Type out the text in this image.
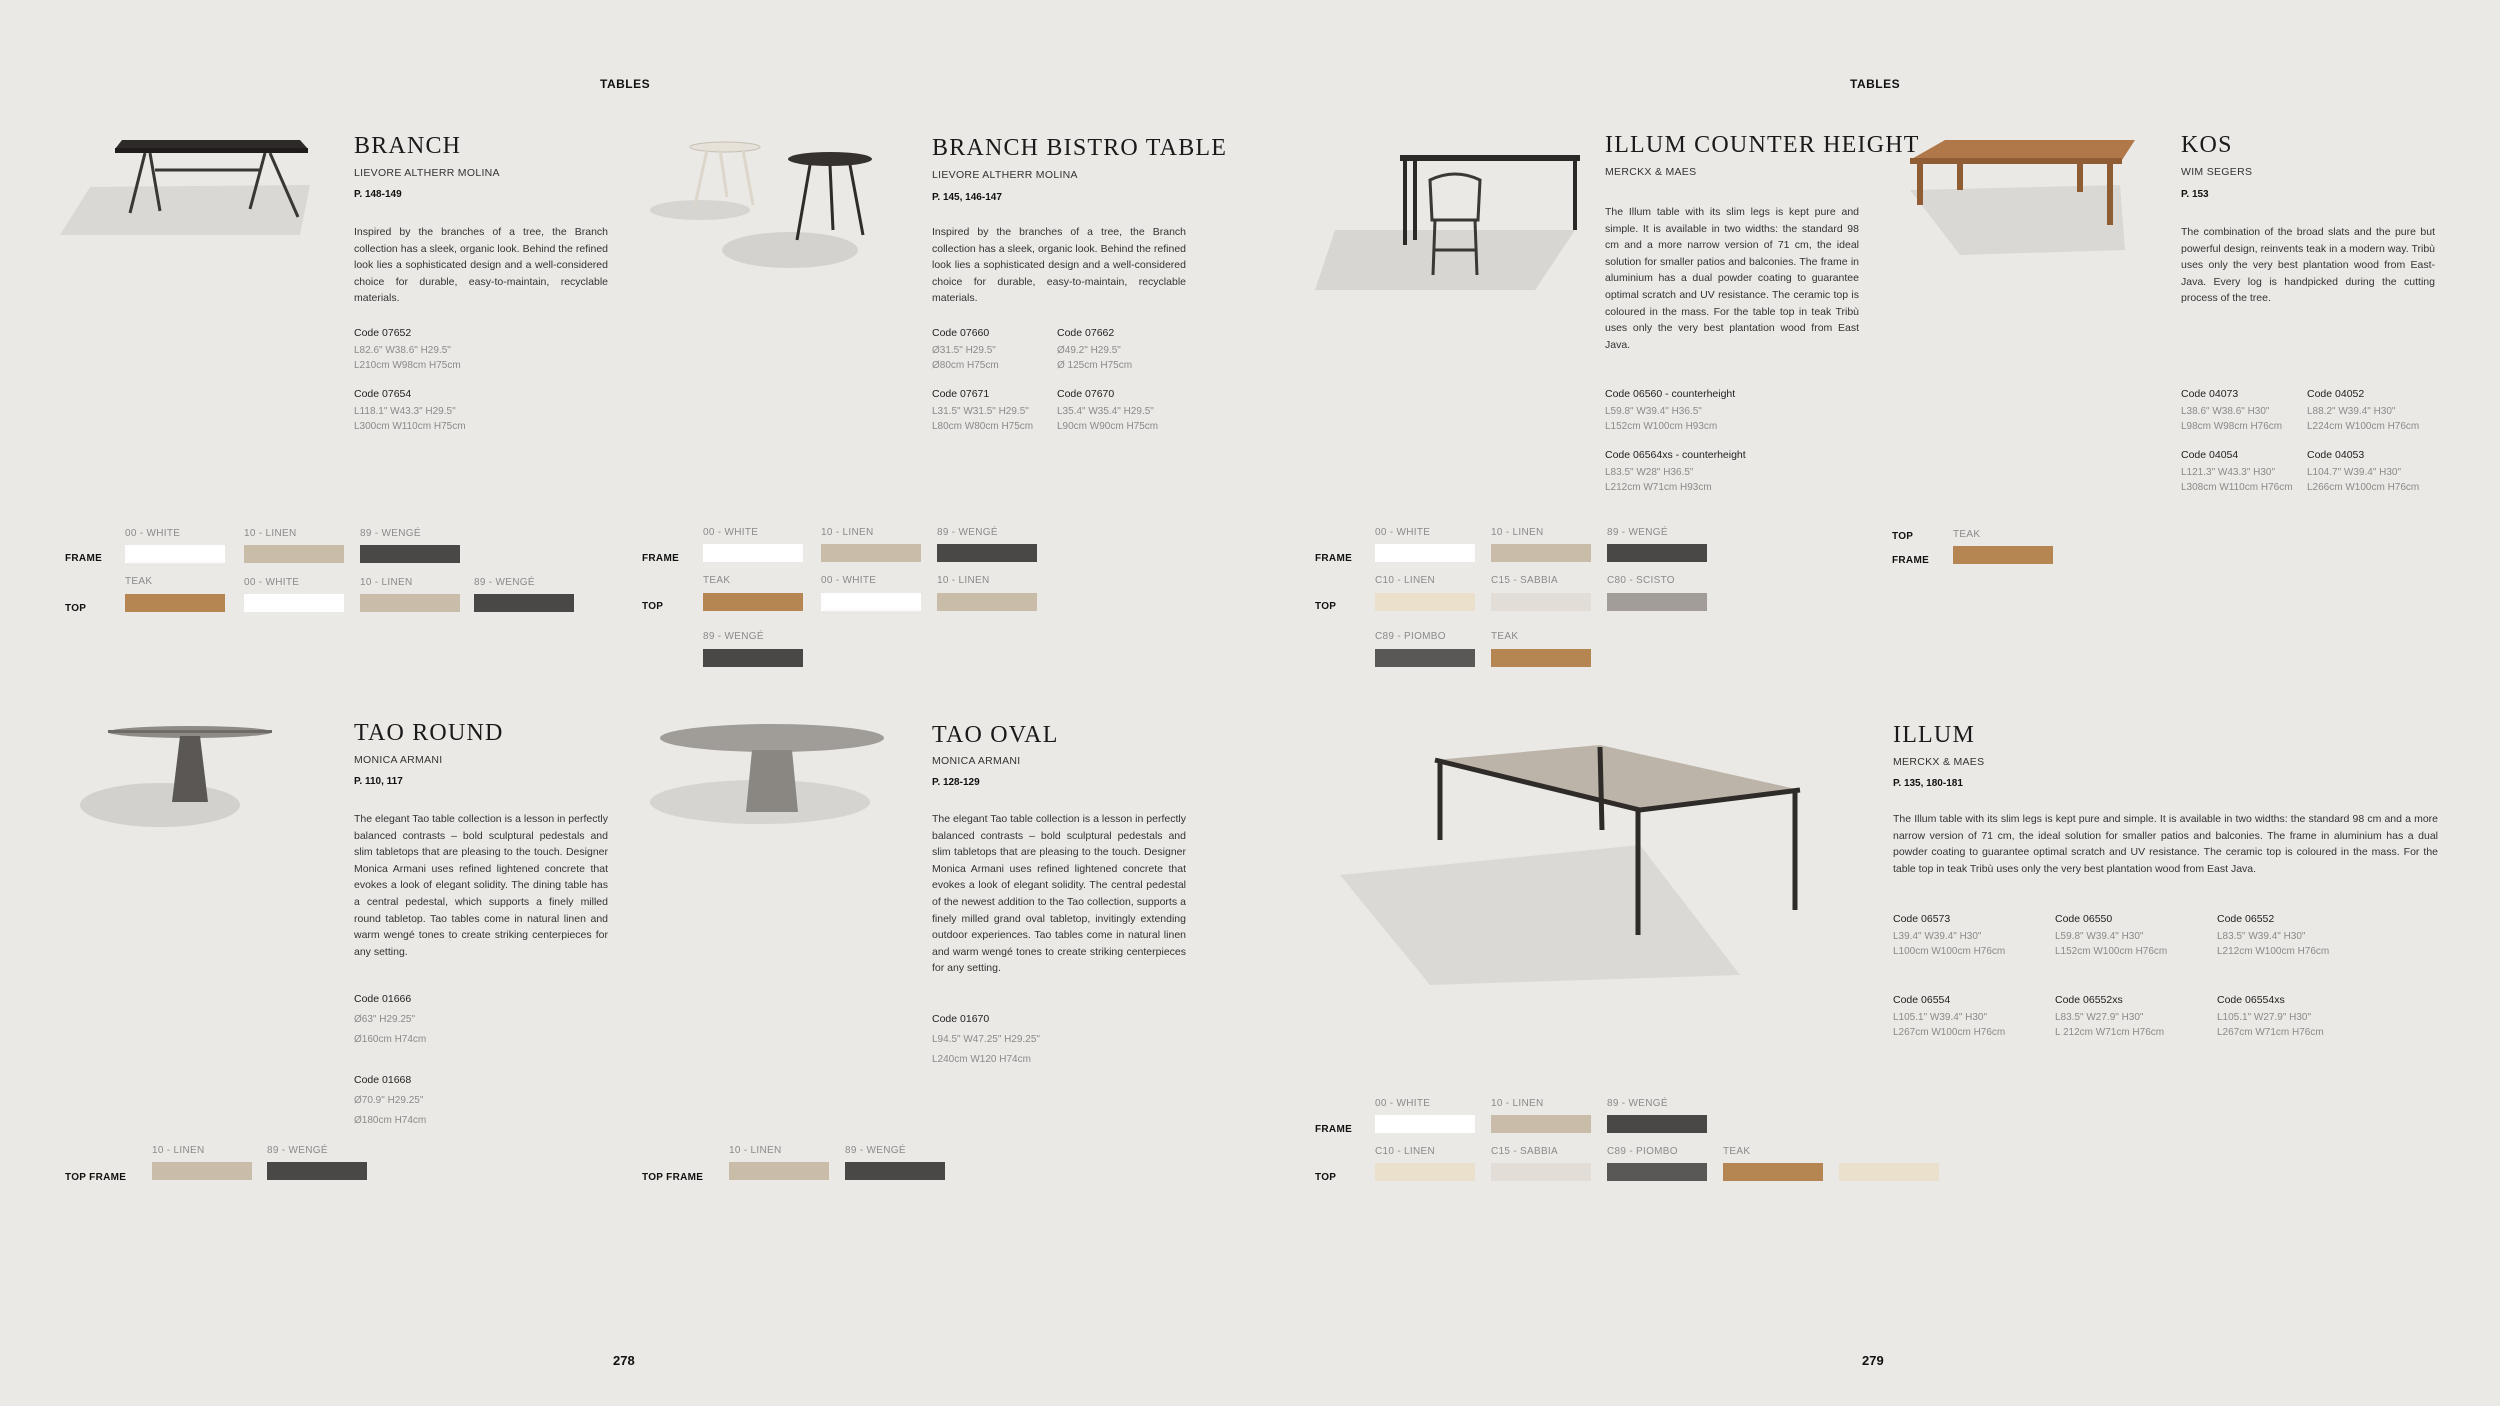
TABLES
278
BRANCH
LIEVORE ALTHERR MOLINA
P. 148-149
Inspired by the branches of a tree, the Branch collection has a sleek, organic look. Behind the refined look lies a sophisticated design and a well-considered choice for durable, easy-to-maintain, recyclable materials.
Code 07652
L82.6" W38.6" H29.5"
L210cm W98cm H75cm
Code 07654
L118.1" W43.3" H29.5"
L300cm W110cm H75cm
FRAME
TOP
00 - WHITE	10 - LINEN	89 - WENGÉ
TEAK	00 - WHITE	10 - LINEN	89 - WENGÉ
BRANCH BISTRO TABLE
LIEVORE ALTHERR MOLINA
P. 145, 146-147
Inspired by the branches of a tree, the Branch collection has a sleek, organic look. Behind the refined look lies a sophisticated design and a well-considered choice for durable, easy-to-maintain, recyclable materials.
Code 07660
Ø31.5" H29.5"
Ø80cm H75cm
Code 07662
Ø49.2" H29.5"
Ø 125cm H75cm
Code 07671
L31.5" W31.5" H29.5"
L80cm W80cm H75cm
Code 07670
L35.4" W35.4" H29.5"
L90cm W90cm H75cm
FRAME
TOP
00 - WHITE	10 - LINEN	89 - WENGÉ
TEAK	00 - WHITE	10 - LINEN
89 - WENGÉ
TAO ROUND
MONICA ARMANI
P. 110, 117
The elegant Tao table collection is a lesson in perfectly balanced contrasts – bold sculptural pedestals and slim tabletops that are pleasing to the touch. Designer Monica Armani uses refined lightened concrete that evokes a look of elegant solidity. The dining table has a central pedestal, which supports a finely milled round tabletop. Tao tables come in natural linen and warm wengé tones to create striking centerpieces for any setting.
Code 01666
Ø63" H29.25"
Ø160cm H74cm
Code 01668
Ø70.9" H29.25"
Ø180cm H74cm
TOP FRAME
10 - LINEN	89 - WENGÉ
TAO OVAL
MONICA ARMANI
P. 128-129
The elegant Tao table collection is a lesson in perfectly balanced contrasts – bold sculptural pedestals and slim tabletops that are pleasing to the touch. Designer Monica Armani uses refined lightened concrete that evokes a look of elegant solidity. The central pedestal of the newest addition to the Tao collection, supports a finely milled grand oval tabletop, invitingly extending outdoor experiences. Tao tables come in natural linen and warm wengé tones to create striking centerpieces for any setting.
Code 01670
L94.5" W47.25" H29.25"
L240cm W120 H74cm
TOP FRAME
10 - LINEN	89 - WENGÉ
TABLES
279
ILLUM COUNTER HEIGHT
MERCKX & MAES
The Illum table with its slim legs is kept pure and simple. It is available in two widths: the standard 98 cm and a more narrow version of 71 cm, the ideal solution for smaller patios and balconies. The frame in aluminium has a dual powder coating to guarantee optimal scratch and UV resistance. The ceramic top is coloured in the mass. For the table top in teak Tribù uses only the very best plantation wood from East Java.
Code 06560 - counterheight
L59.8" W39.4" H36.5"
L152cm W100cm H93cm
Code 06564xs - counterheight
L83.5" W28" H36.5"
L212cm W71cm H93cm
FRAME
TOP
00 - WHITE	10 - LINEN	89 - WENGÉ
C10 - LINEN	C15 - SABBIA	C80 - SCISTO
C89 - PIOMBO	TEAK
KOS
WIM SEGERS
P. 153
The combination of the broad slats and the pure but powerful design, reinvents teak in a modern way. Tribù uses only the very best plantation wood from East-Java. Every log is handpicked during the cutting process of the tree.
Code 04073
L38.6" W38.6" H30"
L98cm W98cm H76cm
Code 04052
L88.2" W39.4" H30"
L224cm W100cm H76cm
Code 04054
L121.3" W43.3" H30"
L308cm W110cm H76cm
Code 04053
L104.7" W39.4" H30"
L266cm W100cm H76cm
TOP
FRAME
TEAK
ILLUM
MERCKX & MAES
P. 135, 180-181
The Illum table with its slim legs is kept pure and simple. It is available in two widths: the standard 98 cm and a more narrow version of 71 cm, the ideal solution for smaller patios and balconies. The frame in aluminium has a dual powder coating to guarantee optimal scratch and UV resistance. The ceramic top is coloured in the mass. For the table top in teak Tribù uses only the very best plantation wood from East Java.
Code 06573
L39.4" W39.4" H30"
L100cm W100cm H76cm
Code 06550
L59.8" W39.4" H30"
L152cm W100cm H76cm
Code 06552
L83.5" W39.4" H30"
L212cm W100cm H76cm
Code 06554
L105.1" W39.4" H30"
L267cm W100cm H76cm
Code 06552xs
L83.5" W27.9" H30"
L 212cm W71cm H76cm
Code 06554xs
L105.1" W27.9" H30"
L267cm W71cm H76cm
FRAME
TOP
00 - WHITE	10 - LINEN	89 - WENGÉ
C10 - LINEN	C15 - SABBIA	C89 - PIOMBO	TEAK
